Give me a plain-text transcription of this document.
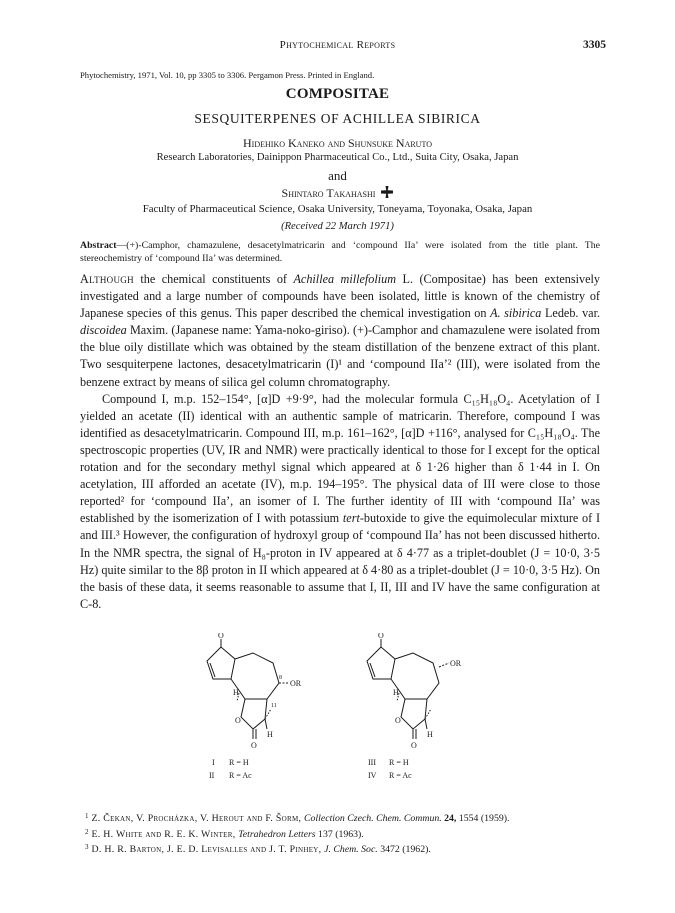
Phytochemical Reports	3305
Phytochemistry, 1971, Vol. 10, pp 3305 to 3306. Pergamon Press. Printed in England.
COMPOSITAE
SESQUITERPENES OF ACHILLEA SIBIRICA
Hidehiko Kaneko and Shunsuke Naruto
Research Laboratories, Dainippon Pharmaceutical Co., Ltd., Suita City, Osaka, Japan
and
Shintaro Takahashi
Faculty of Pharmaceutical Science, Osaka University, Toneyama, Toyonaka, Osaka, Japan
(Received 22 March 1971)
Abstract—(+)-Camphor, chamazulene, desacetylmatricarin and ‘compound IIa’ were isolated from the title plant. The stereochemistry of ‘compound IIa’ was determined.

Although the chemical constituents of Achillea millefolium L. (Compositae) has been extensively investigated and a large number of compounds have been isolated, little is known of the chemistry of Japanese species of this genus. This paper described the chemical investigation on A. sibirica Ledeb. var. discoidea Maxim. (Japanese name: Yama-noko-giriso). (+)-Camphor and chamazulene were isolated from the blue oily distillate which was obtained by the steam distillation of the benzene extract of this plant. Two sesquiterpene lactones, desacetylmatricarin (I)¹ and ‘compound IIa’² (III), were isolated from the benzene extract by means of silica gel column chromatography.

Compound I, m.p. 152–154°, [α]D +9·9°, had the molecular formula C₁₅H₁₈O₄. Acetylation of I yielded an acetate (II) identical with an authentic sample of matricarin. Therefore, compound I was identified as desacetylmatricarin. Compound III, m.p. 161–162°, [α]D +116°, analysed for C₁₅H₁₈O₄. The spectroscopic properties (UV, IR and NMR) were practically identical to those for I except for the optical rotation and for the secondary methyl signal which appeared at δ 1·26 higher than δ 1·44 in I. On acetylation, III afforded an acetate (IV), m.p. 194–195°. The physical data of III were close to those reported² for ‘compound IIa’, an isomer of I. The further identity of III with ‘compound IIa’ was established by the isomerization of I with potassium tert-butoxide to give the equimolecular mixture of I and III.³ However, the configuration of hydroxyl group of ‘compound IIa’ has not been discussed hitherto. In the NMR spectra, the signal of H₈-proton in IV appeared at δ 4·77 as a triplet-doublet (J = 10·0, 3·5 Hz) quite similar to the 8β proton in II which appeared at δ 4·80 as a triplet-doublet (J = 10·0, 3·5 Hz). On the basis of these data, it seems reasonable to assume that I, II, III and IV have the same configuration at C-8.

O
8
OR
H
11
O
H
O
O
OR
H
O
H
O
I R = H
II R = Ac
III R = H
IV R = Ac
$^1$ Z. Čekan, V. Procházka, V. Herout and F. Šorm, Collection Czech. Chem. Commun. 24, 1554 (1959).
$^2$ E. H. White and R. E. K. Winter, Tetrahedron Letters 137 (1963).
$^3$ D. H. R. Barton, J. E. D. Levisalles and J. T. Pinhey, J. Chem. Soc. 3472 (1962).
